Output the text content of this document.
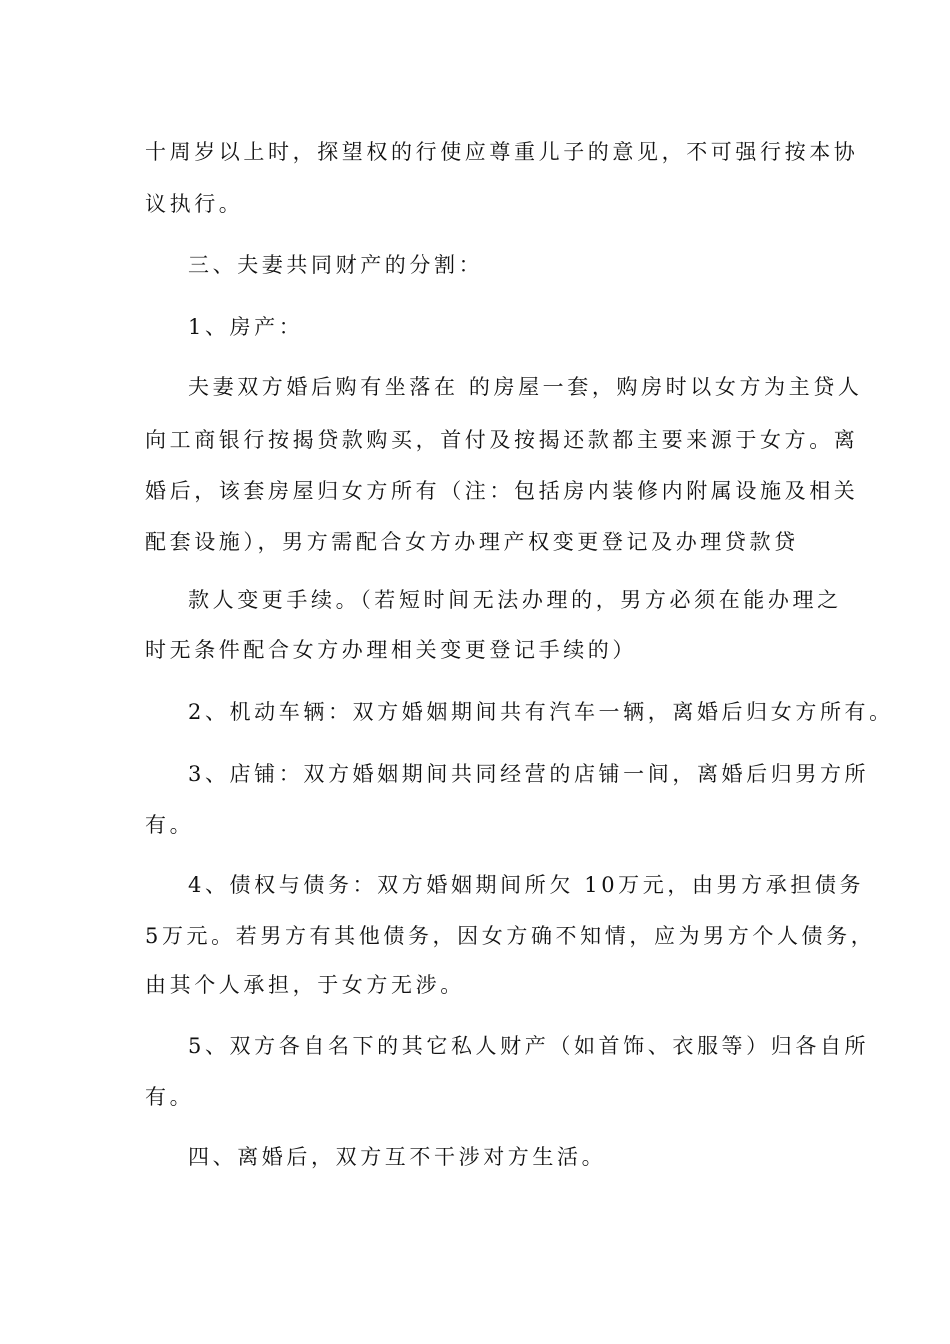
十周岁以上时，探望权的行使应尊重儿子的意见，不可强行按本协
议执行。
三、夫妻共同财产的分割：
1、房产：
夫妻双方婚后购有坐落在 的房屋一套，购房时以女方为主贷人
向工商银行按揭贷款购买，首付及按揭还款都主要来源于女方。离
婚后，该套房屋归女方所有（注：包括房内装修内附属设施及相关
配套设施），男方需配合女方办理产权变更登记及办理贷款贷
款人变更手续。（若短时间无法办理的，男方必须在能办理之
时无条件配合女方办理相关变更登记手续的）
2、机动车辆：双方婚姻期间共有汽车一辆，离婚后归女方所有。
3、店铺：双方婚姻期间共同经营的店铺一间，离婚后归男方所
有。
4、债权与债务：双方婚姻期间所欠 10万元，由男方承担债务
5万元。若男方有其他债务，因女方确不知情，应为男方个人债务，
由其个人承担，于女方无涉。
5、双方各自名下的其它私人财产（如首饰、衣服等）归各自所
有。
四、离婚后，双方互不干涉对方生活。
